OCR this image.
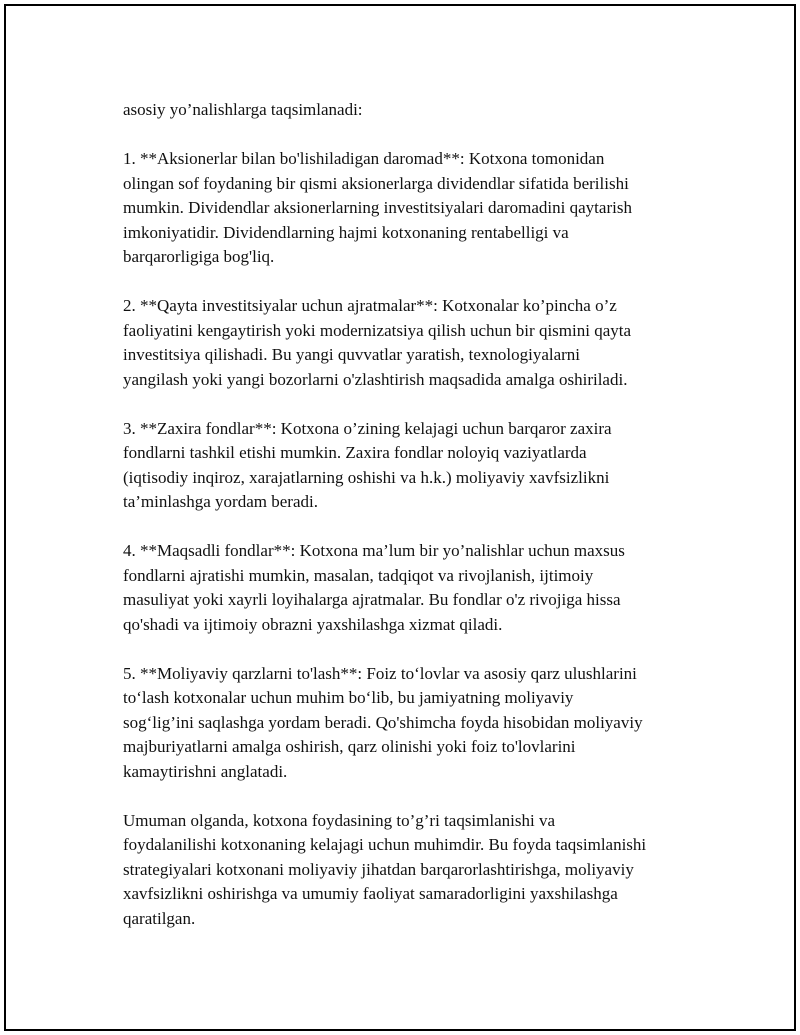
asosiy yo’nalishlarga taqsimlanadi:

1. **Aksionerlar bilan bo'lishiladigan daromad**: Kotxona tomonidan
olingan sof foydaning bir qismi aksionerlarga dividendlar sifatida berilishi
mumkin. Dividendlar aksionerlarning investitsiyalari daromadini qaytarish
imkoniyatidir. Dividendlarning hajmi kotxonaning rentabelligi va
barqarorligiga bog'liq.

2. **Qayta investitsiyalar uchun ajratmalar**: Kotxonalar ko’pincha o’z
faoliyatini kengaytirish yoki modernizatsiya qilish uchun bir qismini qayta
investitsiya qilishadi. Bu yangi quvvatlar yaratish, texnologiyalarni
yangilash yoki yangi bozorlarni o'zlashtirish maqsadida amalga oshiriladi.

3. **Zaxira fondlar**: Kotxona o’zining kelajagi uchun barqaror zaxira
fondlarni tashkil etishi mumkin. Zaxira fondlar noloyiq vaziyatlarda
(iqtisodiy inqiroz, xarajatlarning oshishi va h.k.) moliyaviy xavfsizlikni
ta’minlashga yordam beradi.

4. **Maqsadli fondlar**: Kotxona ma’lum bir yo’nalishlar uchun maxsus
fondlarni ajratishi mumkin, masalan, tadqiqot va rivojlanish, ijtimoiy
masuliyat yoki xayrli loyihalarga ajratmalar. Bu fondlar o'z rivojiga hissa
qo'shadi va ijtimoiy obrazni yaxshilashga xizmat qiladi.

5. **Moliyaviy qarzlarni to'lash**: Foiz to‘lovlar va asosiy qarz ulushlarini
to‘lash kotxonalar uchun muhim bo‘lib, bu jamiyatning moliyaviy
sog‘lig’ini saqlashga yordam beradi. Qo'shimcha foyda hisobidan moliyaviy
majburiyatlarni amalga oshirish, qarz olinishi yoki foiz to'lovlarini
kamaytirishni anglatadi.

Umuman olganda, kotxona foydasining to’g’ri taqsimlanishi va
foydalanilishi kotxonaning kelajagi uchun muhimdir. Bu foyda taqsimlanishi
strategiyalari kotxonani moliyaviy jihatdan barqarorlashtirishga, moliyaviy
xavfsizlikni oshirishga va umumiy faoliyat samaradorligini yaxshilashga
qaratilgan.
